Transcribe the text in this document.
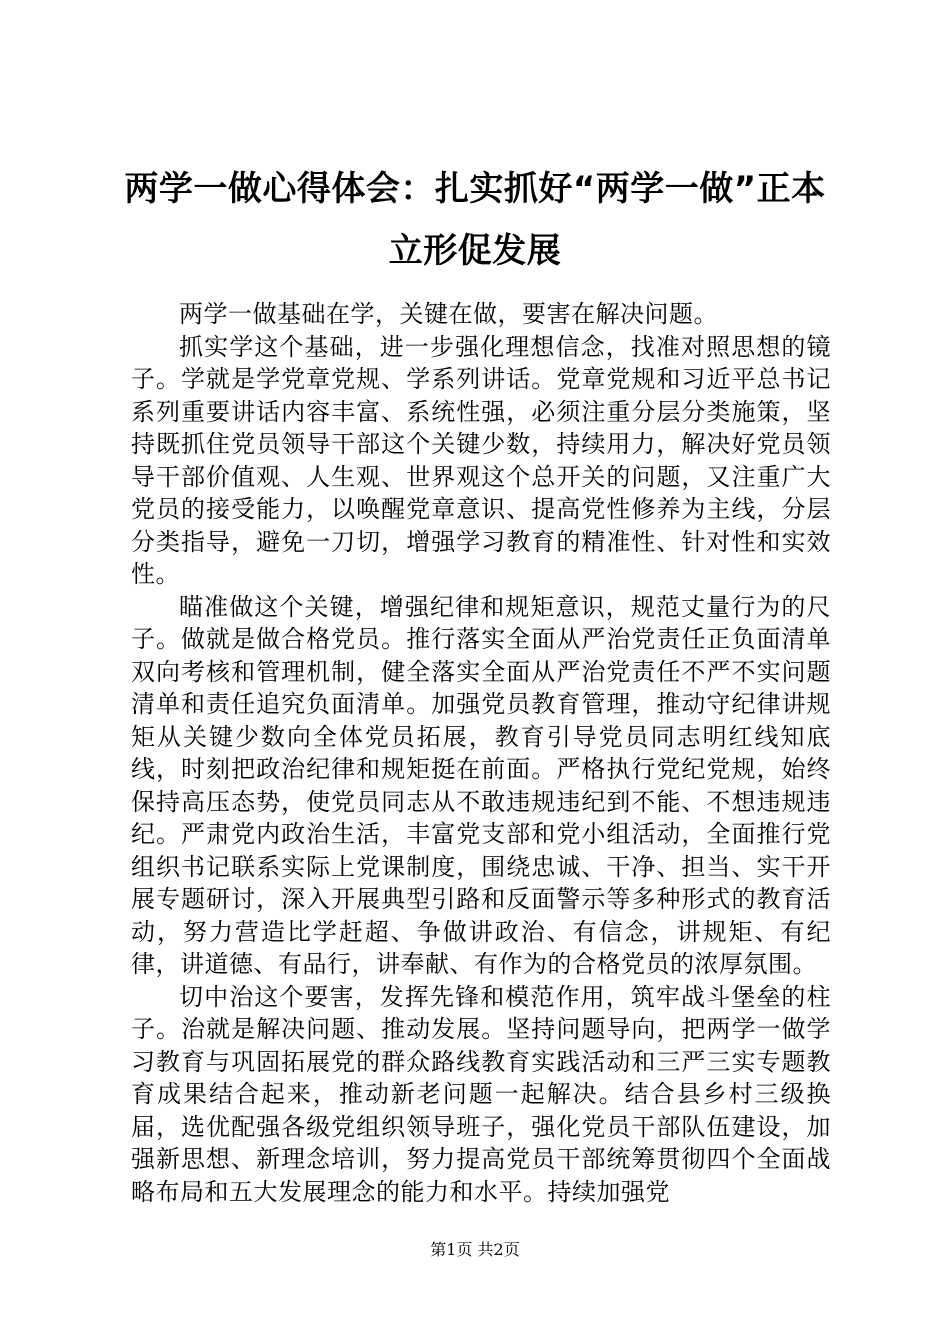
两学一做心得体会：扎实抓好“两学一做”正本立形促发展

两学一做基础在学，关键在做，要害在解决问题。

抓实学这个基础，进一步强化理想信念，找准对照思想的镜子。学就是学党章党规、学系列讲话。党章党规和习近平总书记系列重要讲话内容丰富、系统性强，必须注重分层分类施策，坚持既抓住党员领导干部这个关键少数，持续用力，解决好党员领导干部价值观、人生观、世界观这个总开关的问题，又注重广大党员的接受能力，以唤醒党章意识、提高党性修养为主线，分层分类指导，避免一刀切，增强学习教育的精准性、针对性和实效性。

瞄准做这个关键，增强纪律和规矩意识，规范丈量行为的尺子。做就是做合格党员。推行落实全面从严治党责任正负面清单双向考核和管理机制，健全落实全面从严治党责任不严不实问题清单和责任追究负面清单。加强党员教育管理，推动守纪律讲规矩从关键少数向全体党员拓展，教育引导党员同志明红线知底线，时刻把政治纪律和规矩挺在前面。严格执行党纪党规，始终保持高压态势，使党员同志从不敢违规违纪到不能、不想违规违纪。严肃党内政治生活，丰富党支部和党小组活动，全面推行党组织书记联系实际上党课制度，围绕忠诚、干净、担当、实干开展专题研讨，深入开展典型引路和反面警示等多种形式的教育活动，努力营造比学赶超、争做讲政治、有信念，讲规矩、有纪律，讲道德、有品行，讲奉献、有作为的合格党员的浓厚氛围。

切中治这个要害，发挥先锋和模范作用，筑牢战斗堡垒的柱子。治就是解决问题、推动发展。坚持问题导向，把两学一做学习教育与巩固拓展党的群众路线教育实践活动和三严三实专题教育成果结合起来，推动新老问题一起解决。结合县乡村三级换届，选优配强各级党组织领导班子，强化党员干部队伍建设，加强新思想、新理念培训，努力提高党员干部统筹贯彻四个全面战略布局和五大发展理念的能力和水平。持续加强党

第1页 共2页
